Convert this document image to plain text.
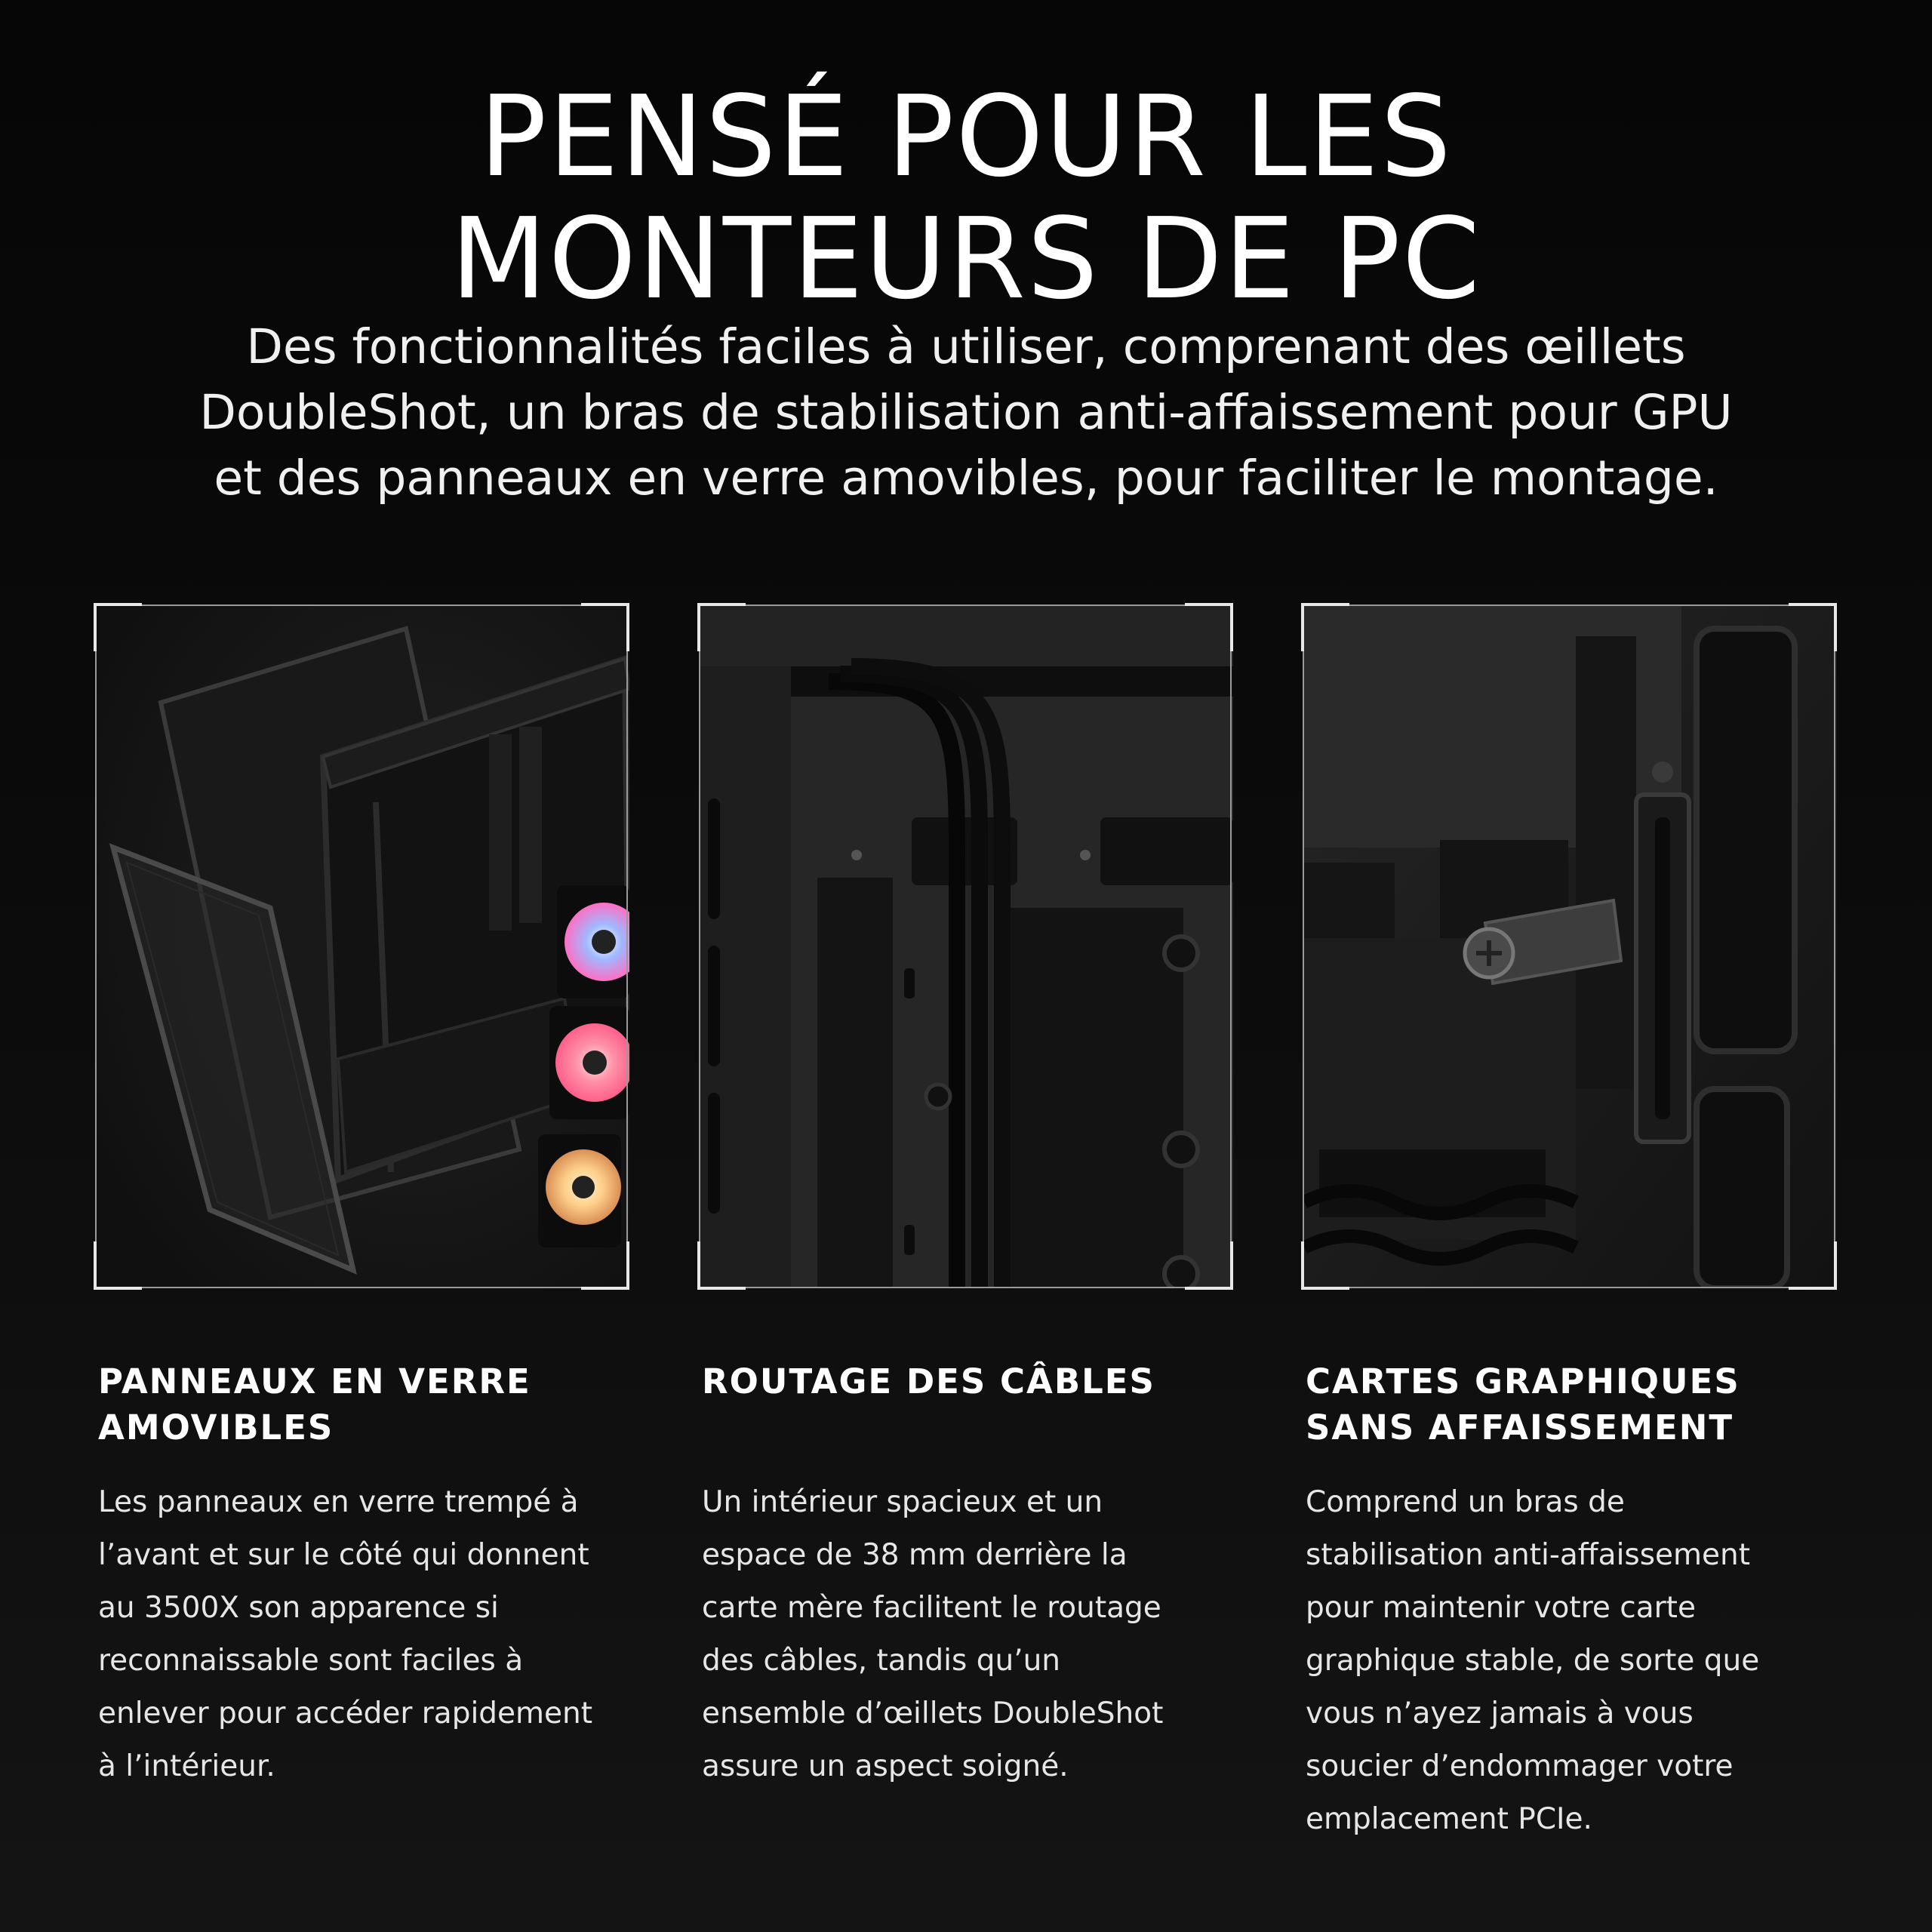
PENSÉ POUR LES
MONTEURS DE PC

Des fonctionnalités faciles à utiliser, comprenant des œillets
DoubleShot, un bras de stabilisation anti-affaissement pour GPU
et des panneaux en verre amovibles, pour faciliter le montage.

PANNEAUX EN VERRE
AMOVIBLES

Les panneaux en verre trempé à
l’avant et sur le côté qui donnent
au 3500X son apparence si
reconnaissable sont faciles à
enlever pour accéder rapidement
à l’intérieur.

ROUTAGE DES CÂBLES

Un intérieur spacieux et un
espace de 38 mm derrière la
carte mère facilitent le routage
des câbles, tandis qu’un
ensemble d’œillets DoubleShot
assure un aspect soigné.

CARTES GRAPHIQUES
SANS AFFAISSEMENT

Comprend un bras de
stabilisation anti-affaissement
pour maintenir votre carte
graphique stable, de sorte que
vous n’ayez jamais à vous
soucier d’endommager votre
emplacement PCIe.
